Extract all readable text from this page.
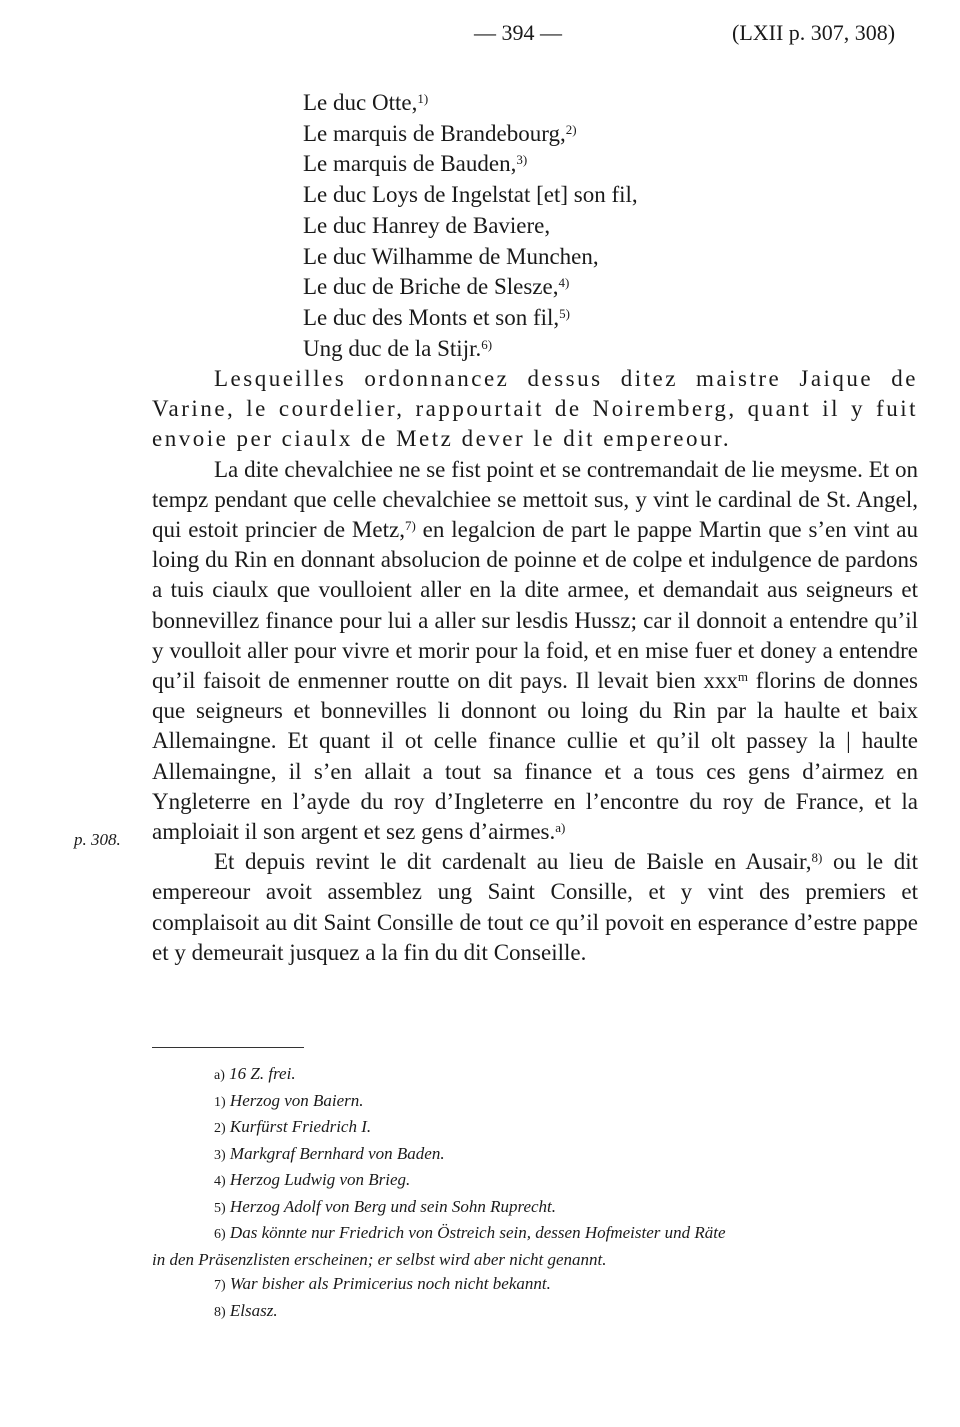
— 394 —	(LXII p. 307, 308)
Le duc Otte,$^{1)}$
Le marquis de Brandebourg,$^{2)}$
Le marquis de Bauden,$^{3)}$
Le duc Loys de Ingelstat [et] son fil,
Le duc Hanrey de Baviere,
Le duc Wilhamme de Munchen,
Le duc de Briche de Slesze,$^{4)}$
Le duc des Monts et son fil,$^{5)}$
Ung duc de la Stijr.$^{6)}$

Lesqueilles ordonnancez dessus ditez maistre Jaique de Varine, le courdelier, rappourtait de Noiremberg, quant il y fuit envoie per ciaulx de Metz dever le dit empereour.

La dite chevalchiee ne se fist point et se contremandait de lie meysme. Et on tempz pendant que celle chevalchiee se mettoit sus, y vint le cardinal de St. Angel, qui estoit princier de Metz,$^{7)}$ en legalcion de part le pappe Martin que s’en vint au loing du Rin en donnant absolucion de poinne et de colpe et indulgence de pardons a tuis ciaulx que voulloient aller en la dite armee, et demandait aus seigneurs et bonnevillez finance pour lui a aller sur lesdis Hussz; car il donnoit a entendre qu’il y voulloit aller pour vivre et morir pour la foid, et en mise fuer et doney a entendre qu’il faisoit de enmenner routte on dit pays. Il levait bien xxx$^m$ florins de donnes que seigneurs et bonnevilles li donnont ou loing du Rin par la haulte et baix Allemaingne. Et quant il ot celle finance cullie et qu’il olt passey la | haulte Allemaingne, il s’en allait a tout sa finance et a tous ces gens d’airmez en Yngleterre en l’ayde du roy d’Ingleterre en l’encontre du roy de France, et la amploiait il son argent et sez gens d’airmes.$^{a)}$

Et depuis revint le dit cardenalt au lieu de Baisle en Ausair,$^{8)}$ ou le dit empereour avoit assemblez ung Saint Consille, et y vint des premiers et complaisoit au dit Saint Consille de tout ce qu’il povoit en esperance d’estre pappe et y demeurait jusquez a la fin du dit Conseille.

p. 308.
a) 16 Z. frei.
1) Herzog von Baiern.
2) Kurfürst Friedrich I.
3) Markgraf Bernhard von Baden.
4) Herzog Ludwig von Brieg.
5) Herzog Adolf von Berg und sein Sohn Ruprecht.
6) Das könnte nur Friedrich von Östreich sein, dessen Hofmeister und Räte
in den Präsenzlisten erscheinen; er selbst wird aber nicht genannt.
7) War bisher als Primicerius noch nicht bekannt.
8) Elsasz.
